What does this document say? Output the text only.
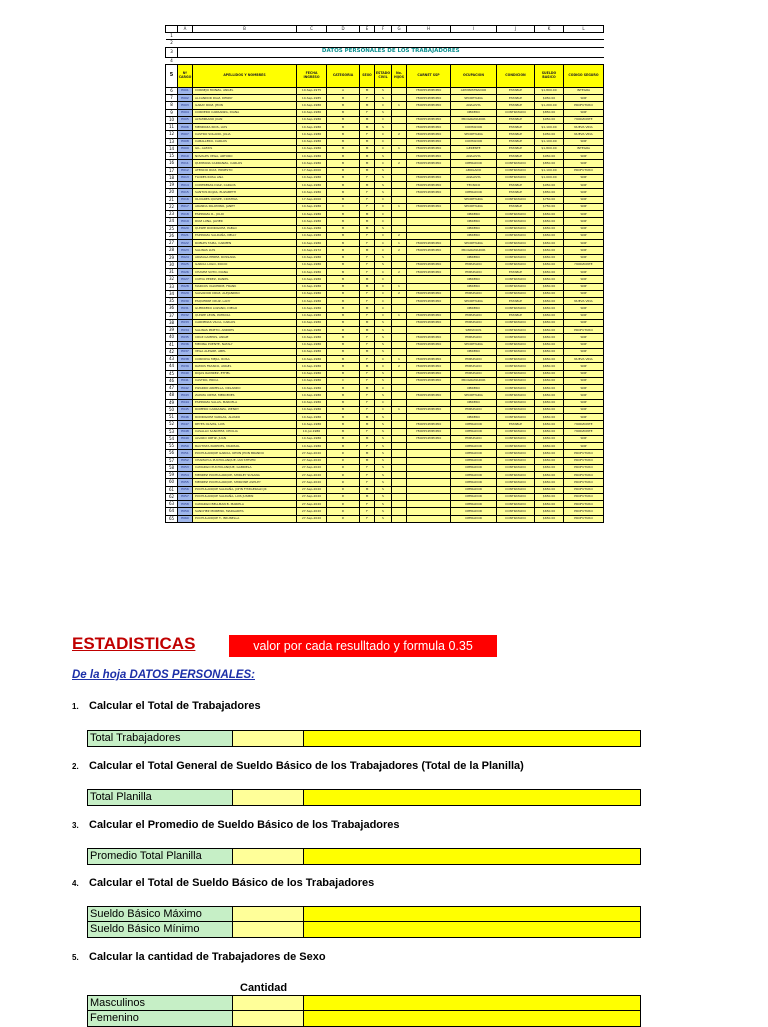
	A	B	C	D	E	F	G	H	I	J	K	L
1												
2												
3	DATOS PERSONALES DE LOS TRABAJADORES											
4												
5	Nº CARGO	APELLIDOS Y NOMBRES	FECHA INGRESO	CATEGORIA	SEXO	ESTADO CIVIL	No. HIJOS	CARNET SSP	OCUPACION	CONDICION	SUELDO BASICO	CODIGO SEGURO
6	E001	CORNEJO MONZA, ANGEL	10-Sep-1975	A	M	S		7800554MPCP00	ADMINISTRADOR	ESTABLE	$1,800.00	INTEGRA
7	E002	ALCANDOR DIAZ, DENNY	10-Sep-1985	B	F	S		7800554MPCP00	SECRETARIA	ESTABLE	$950.00	SNP
8	E003	GARAY RUIZ, JHON	10-Sep-1986	B	M	C	1	7800554MPCP00	ANALISTA	ESTABLE	$1,200.00	PROFUTURO
9	E004	CORDERO CARRANZA, DIANA	10-Sep-1986	B	F	S			OBRERO	CONTRATADO	$850.00	SNP
10	E005	ALTAMIRANO JUAN	10-Sep-1986	B	M	C		7800554MPCP00	PROGRAMADOR	ESTABLE	$950.00	HORIZONTE
11	E006	MENDOZA RIOS, LUIS	10-Sep-1986	B	M	S		7800554MPCP00	CONTADOR	ESTABLE	$1,100.00	NUEVA VIDA
12	E007	CASTRO SOLANO, JULIA	10-Sep-1986	B	F	C	2	7800554MPCP00	SECRETARIA	ESTABLE	$950.00	NUEVA VIDA
13	E008	CABALLERO, CARLOS	10-Sep-1986	B	M	C		7800554MPCP00	CONTADOR	ESTABLE	$1,100.00	SNP
14	E009	GIL, ALEXIS	10-Sep-1986	B	M	C	1	7800554MPCP00	GERENTE	ESTABLE	$1,800.00	INTEGRA
15	E010	NOVALES VEGA, ARTURO	10-Sep-1986	B	M	S		7800554MPCP00	ANALISTA	ESTABLE	$950.00	SNP
16	E011	QUINTANA CARRANZA, CARLOS	10-Sep-1986	B	M	C	2	7800554MPCP00	OPERADOR	CONTRATADO	$850.00	SNP
17	E012	ATENCIO RUIZ, ERNESTO	17-Sep-2000	B	M	S			ABOGADO	CONTRATADO	$1,100.00	PROFUTURO
18	E013	FLORES ROSA ANA	10-Sep-1986	B	F	S		7800554MPCP00	ANALISTA	CONTRATADO	$1,000.00	SNP
19	E014	CONTRERAS DIAZ, CARLOS	10-Sep-1986	B	M	S		7800554MPCP00	TECNICO	ESTABLE	$950.00	SNP
20	E015	SANTOS ROJAS, ELIZABETH	10-Sep-1986	B	F	S		7800554MPCP00	OPERADOR	ESTABLE	$850.00	SNP
21	E016	OLIVARES QUISPE, CRISTINA	17-Sep-2000	B	F	C			SECRETARIA	CONTRATADO	$750.00	SNP
22	E017	ARANDA PALOMINO, JANET	10-Sep-1986	C	F	C	1	7800554MPCP00	SECRETARIA	ESTABLE	$750.00	SNP
23	E018	ESPINOZA R., JULIO	10-Sep-1986	B	M	C			OBRERO	CONTRATADO	$650.00	SNP
24	E019	RUIZ LUNA, JAVIER	10-Sep-1986	B	M	C			OBRERO	CONTRATADO	$650.00	SNP
25	E020	QUISPE RODRIGUEZ, PABLO	10-Sep-1986	B	M	S			OBRERO	CONTRATADO	$650.00	SNP
26	E021	ESPINOZA SALDAÑA, NELLY	10-Sep-1986	B	F	C	2		OBRERO	CONTRATADO	$650.00	SNP
27	E022	ROBLES TAPIA, CARMEN	10-Sep-1986	B	F	C	1	7800554MPCP00	SECRETARIA	CONTRATADO	$650.00	SNP
28	E023	SALINAS LUIS	10-Sep-1972	B	M	C	2	7800554MPCP00	PROGRAMADOR	CONTRATADO	$650.00	SNP
29	E024	ARIZAGA PEREZ, ROSSANA	10-Sep-1986	B	F	S			OBRERO	CONTRATADO	$650.00	SNP
30	E025	GARCIA LUGO, ROCIO	10-Sep-1986	B	F	S		7800554MPCP00	EMPLEADO	CONTRATADO	$650.00	HORIZONTE
31	E026	CHAVEZ SOTO, DIANA	10-Sep-1986	B	F	C	2	7800554MPCP00	EMPLEADO	ESTABLE	$650.00	SNP
32	E027	CUEVA PEREZ, DANIEL	10-Sep-1986	B	M	C			OBRERO	CONTRATADO	$650.00	SNP
33	E028	MARCOS VALVERDE, FRANK	10-Sep-1986	B	M	C	1		OBRERO	CONTRATADO	$650.00	SNP
34	E029	SALVADOR CRUZ, ALEJANDRO	10-Sep-1986	B	F	C	2	7800554MPCP00	EMPLEADO	CONTRATADO	$650.00	SNP
35	E030	ESQUERRE CRUZ, LADY	10-Sep-1986	B	F	C		7800554MPCP00	SECRETARIA	ESTABLE	$650.00	NUEVA VIDA
36	E031	GUERRERO LOZANO, DIEGO	10-Sep-1986	B	M	C			OBRERO	CONTRATADO	$650.00	SNP
37	E032	QUISPE LEON, PATRICIA	10-Sep-1986	B	F	C	1	7800554MPCP00	EMPLEADO	ESTABLE	$650.00	SNP
38	E033	CARDENAS VILCA, CARLOS	10-Sep-1986	B	M	S		7800554MPCP00	EMPLEADO	CONTRATADO	$650.00	SNP
39	E034	SALINAS PRIETO, ANDRES	10-Sep-1986	B	M	S			SERVICIOS	CONTRATADO	$650.00	PROFUTURO
40	E035	CRUZ CAMPOS, ANGIE	10-Sep-1986	B	F	S		7800554MPCP00	EMPLEADO	CONTRATADO	$650.00	SNP
41	E036	MEDINA PUENTE, NATALY	10-Sep-1986	B	F	S		7800554MPCP00	SECRETARIA	CONTRATADO	$650.00	SNP
42	E037	VEGA ALEGRE, ABEL	10-Sep-1986	B	M	S			OBRERO	CONTRATADO	$650.00	SNP
43	E038	CORDOVA MEJIA, ROSA	10-Sep-1986	B	F	C	1	7800554MPCP00	EMPLEADO	CONTRATADO	$650.00	NUEVA VIDA
44	E039	RAMOS FRANCO, ANGEL	10-Sep-1986	B	M	C	2	7800554MPCP00	EMPLEADO	CONTRATADO	$650.00	SNP
45	E040	ROJAS RAMIREZ, ETHEL	10-Sep-1986	B	F	S		7800554MPCP00	EMPLEADO	CONTRATADO	$650.00	SNP
46	E041	CASTRO, ERICA	10-Sep-1986	C	F	S		7800554MPCP00	PROGRAMADOR	CONTRATADO	$650.00	SNP
47	E042	PIZARRO ARMELLA, ORLANDO	10-Sep-1986	B	M	C			OBRERO	CONTRATADO	$650.00	SNP
48	E043	ZAPATA ORTIZ, MERCEDES	10-Sep-1986	B	F	S		7800554MPCP00	SECRETARIA	CONTRATADO	$650.00	SNP
49	E044	ESPINOZA SALAS, MARCELA	10-Sep-1986	B	F	C			OBRERO	CONTRATADO	$650.00	SNP
50	E045	ROMERO CARRANZA, WENDY	10-Sep-1986	B	F	C	1	7800554MPCP00	EMPLEADO	CONTRATADO	$650.00	SNP
51	E046	RODRIGUEZ VARGAS, ALVARO	10-Sep-1986	B	M	S			OBRERO	CONTRATADO	$650.00	SNP
52	E047	REYES OLIVAS, LUIS	10-Sep-1986	B	M	S		7800554MPCP00	OPERADOR	ESTABLE	$650.00	HORIZONTE
53	E048	CASALLO SANCHEZ, CECILIA	10-Jul-1986	B	F	S		7800554MPCP00	OPERADOR	CONTRATADO	$650.00	HORIZONTE
54	E049	ALVARO ORTIZ, JUAN	10-Sep-1986	B	M	S		7800554MPCP00	EMPLEADO	CONTRATADO	$650.00	SNP
55	E050	BAUTISTA PAREDES, MARISOL	10-Sep-1986	B	F	S			OPERADOR	CONTRATADO	$650.00	SNP
56	E051	PUCHULANQUE GARCIA, KEVIN JHON BRANDO	27-Sep-2020	D	M	S			OPERADOR	CONTRATADO	$650.00	PROFUTURO
57	E052	CHAMAYCA PUCHULANQUE, IAN STEVEN	27-Sep-2020	D	M	S			OPERADOR	CONTRATADO	$650.00	PROFUTURO
58	E053	CAMARGO PUCHULANQUE, GABRIELA	27-Sep-2020	D	F	S			OPERADOR	CONTRATADO	$650.00	PROFUTURO
59	E054	MENDEZ PUCHULANQUE, SHIRLEY SUSANA	27-Sep-2020	D	F	S			OPERADOR	CONTRATADO	$650.00	PROFUTURO
60	E055	MENDEZ PUCHULANQUE, SHIRLYNE ASHLEY	27-Sep-2020	D	F	S			OPERADOR	CONTRATADO	$650.00	PROFUTURO
61	E056	PUCHULANQUE SALDAÑA, JOHN FITZGERALD JR	27-Sep-2020	D	M	S			OPERADOR	CONTRATADO	$650.00	PROFUTURO
62	E057	PUCHULANQUE SALDAÑA, LUIS JUSMIN	27-Sep-2020	D	M	S			OPERADOR	CONTRATADO	$650.00	PROFUTURO
63	E058	CAMARGO BELLMAN B. MARIELA	27-Sep-2020	D	F	S			OPERADOR	CONTRATADO	$650.00	PROFUTURO
64	E059	SANCHEZ MORENO, MARGARITA	27-Sep-2020	D	F	S			OPERADOR	CONTRATADO	$650.00	PROFUTURO
65	E060	PUCHULANQUE T., BRUNELLA	27-Sep-2020	D	F	S			OPERADOR	CONTRATADO	$650.00	PROFUTURO
ESTADISTICAS	valor por cada resulltado y formula 0.35

De la hoja DATOS PERSONALES:

1. Calcular el Total de Trabajadores

Total Trabajadores

2. Calcular el Total General de Sueldo Básico de los Trabajadores (Total de la Planilla)

Total Planilla

3. Calcular el Promedio de Sueldo Básico de los Trabajadores

Promedio Total Planilla

4. Calcular el Total de Sueldo Básico de los Trabajadores

Sueldo Básico Máximo
Sueldo Básico Mínimo

5. Calcular la cantidad de Trabajadores de Sexo

Cantidad
Masculinos
Femenino
